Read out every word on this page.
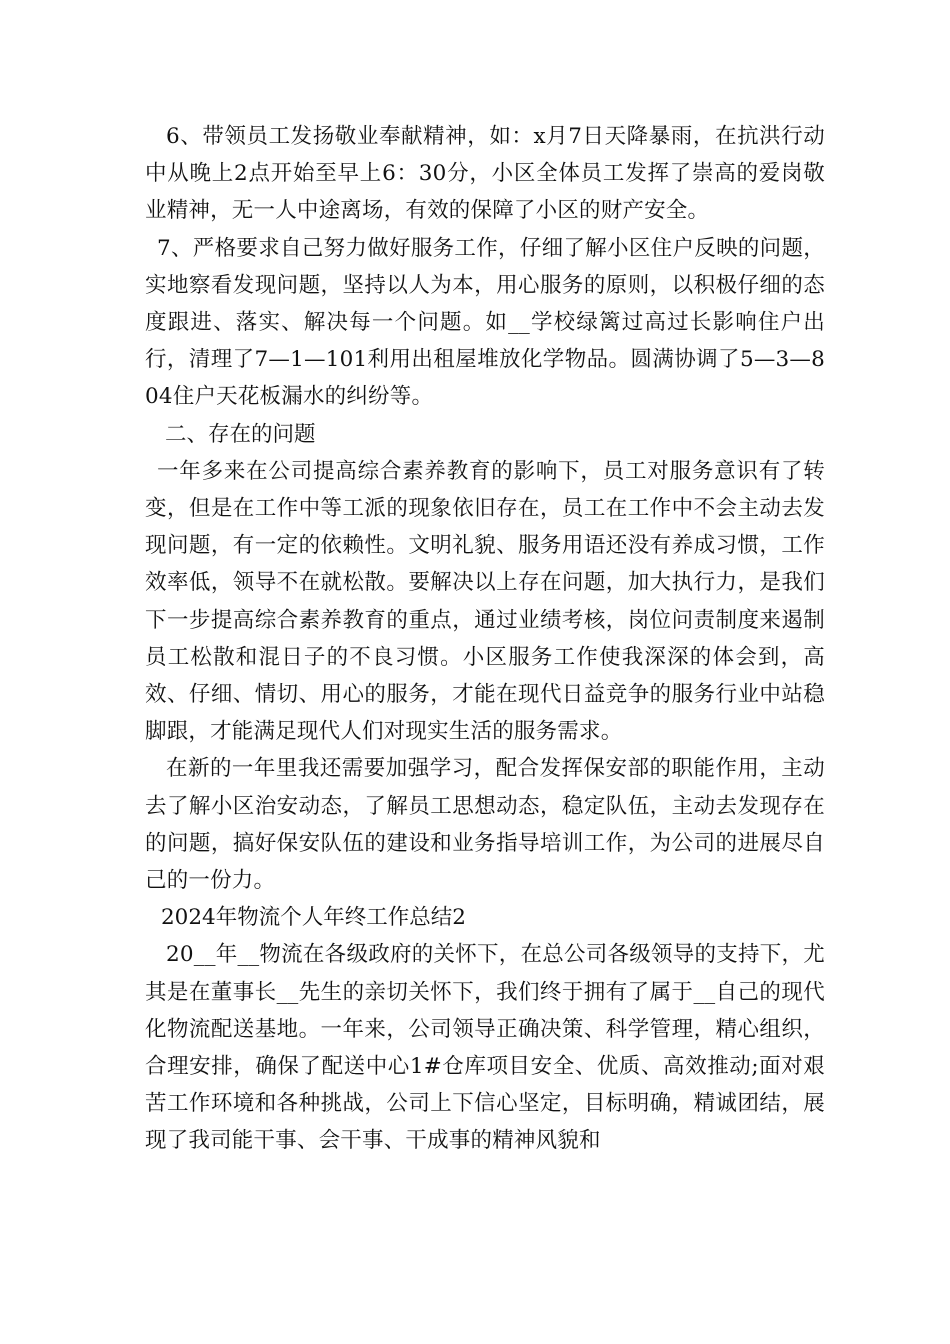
6、带领员工发扬敬业奉献精神，如：x月7日天降暴雨，在抗洪行动中从晚上2点开始至早上6：30分，小区全体员工发挥了崇高的爱岗敬业精神，无一人中途离场，有效的保障了小区的财产安全。

7、严格要求自己努力做好服务工作，仔细了解小区住户反映的问题，实地察看发现问题，坚持以人为本，用心服务的原则，以积极仔细的态度跟进、落实、解决每一个问题。如__学校绿篱过高过长影响住户出行，清理了7—1—101利用出租屋堆放化学物品。圆满协调了5—3—804住户天花板漏水的纠纷等。

二、存在的问题

一年多来在公司提高综合素养教育的影响下，员工对服务意识有了转变，但是在工作中等工派的现象依旧存在，员工在工作中不会主动去发现问题，有一定的依赖性。文明礼貌、服务用语还没有养成习惯，工作效率低，领导不在就松散。要解决以上存在问题，加大执行力，是我们下一步提高综合素养教育的重点，通过业绩考核，岗位问责制度来遏制员工松散和混日子的不良习惯。小区服务工作使我深深的体会到，高效、仔细、情切、用心的服务，才能在现代日益竞争的服务行业中站稳脚跟，才能满足现代人们对现实生活的服务需求。

在新的一年里我还需要加强学习，配合发挥保安部的职能作用，主动去了解小区治安动态，了解员工思想动态，稳定队伍，主动去发现存在的问题，搞好保安队伍的建设和业务指导培训工作，为公司的进展尽自己的一份力。

2024年物流个人年终工作总结2

20__年__物流在各级政府的关怀下，在总公司各级领导的支持下，尤其是在董事长__先生的亲切关怀下，我们终于拥有了属于__自己的现代化物流配送基地。一年来，公司领导正确决策、科学管理，精心组织，合理安排，确保了配送中心1#仓库项目安全、优质、高效推动;面对艰苦工作环境和各种挑战，公司上下信心坚定，目标明确，精诚团结，展现了我司能干事、会干事、干成事的精神风貌和
